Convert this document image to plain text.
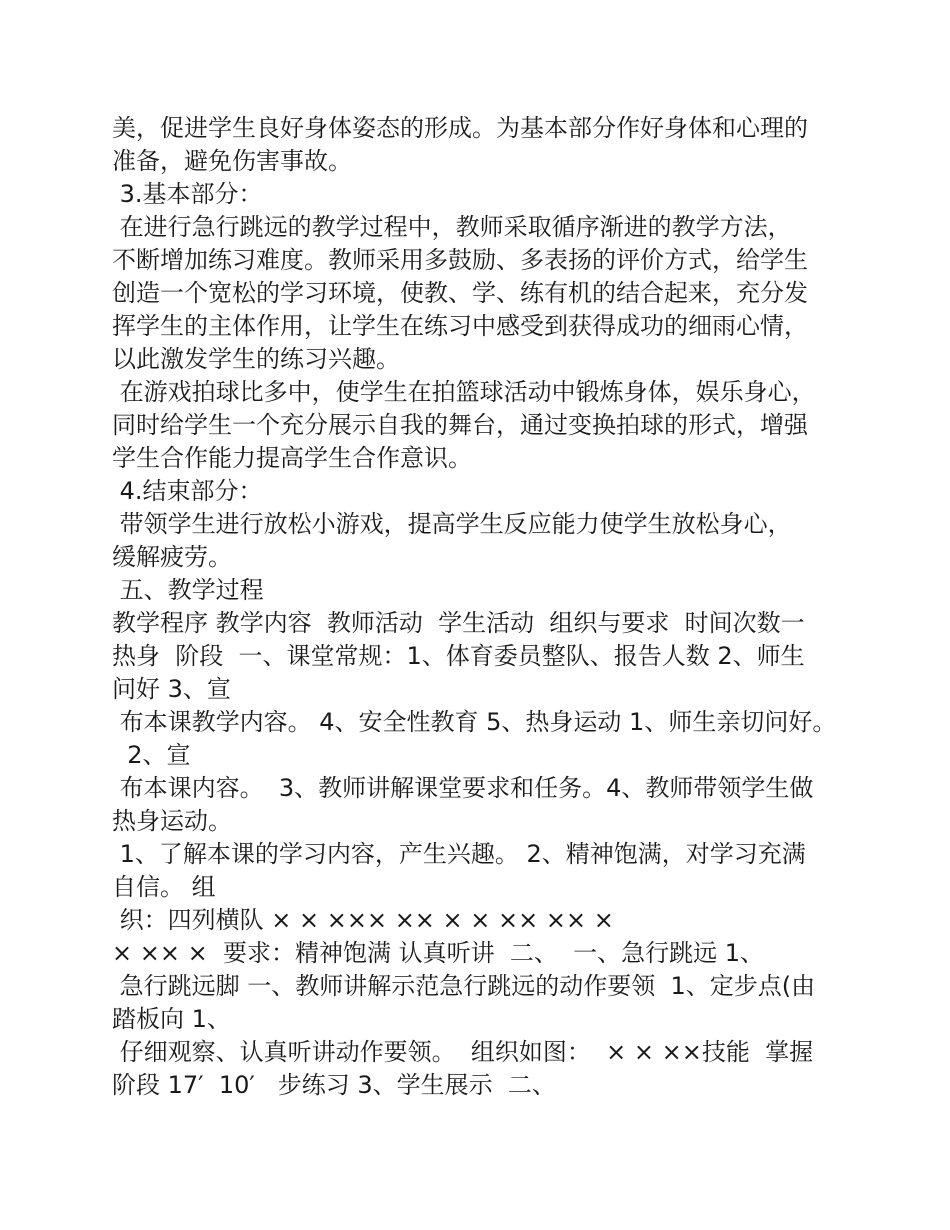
美，促进学生良好身体姿态的形成。为基本部分作好身体和心理的
准备，避免伤害事故。
3.基本部分：
在进行急行跳远的教学过程中，教师采取循序渐进的教学方法，
不断增加练习难度。教师采用多鼓励、多表扬的评价方式，给学生
创造一个宽松的学习环境，使教、学、练有机的结合起来，充分发
挥学生的主体作用，让学生在练习中感受到获得成功的细雨心情，
以此激发学生的练习兴趣。
在游戏拍球比多中，使学生在拍篮球活动中锻炼身体，娱乐身心，
同时给学生一个充分展示自我的舞台，通过变换拍球的形式，增强
学生合作能力提高学生合作意识。
4.结束部分：
带领学生进行放松小游戏，提高学生反应能力使学生放松身心，
缓解疲劳。
五、教学过程
教学程序 教学内容  教师活动  学生活动  组织与要求  时间次数一
热身  阶段  一、课堂常规：1、体育委员整队、报告人数 2、师生
问好 3、宣
布本课教学内容。 4、安全性教育 5、热身运动 1、师生亲切问好。
2、宣
布本课内容。  3、教师讲解课堂要求和任务。4、教师带领学生做
热身运动。
1、了解本课的学习内容，产生兴趣。 2、精神饱满，对学习充满
自信。 组
织：四列横队 × × ××× ×× × × ×× ×× ×
× ×× ×  要求：精神饱满 认真听讲  二、  一、急行跳远 1、
急行跳远脚 一、教师讲解示范急行跳远的动作要领  1、定步点(由
踏板向 1、
仔细观察、认真听讲动作要领。  组织如图：  × × ××技能  掌握
阶段 17′  10′   步练习 3、学生展示  二、
